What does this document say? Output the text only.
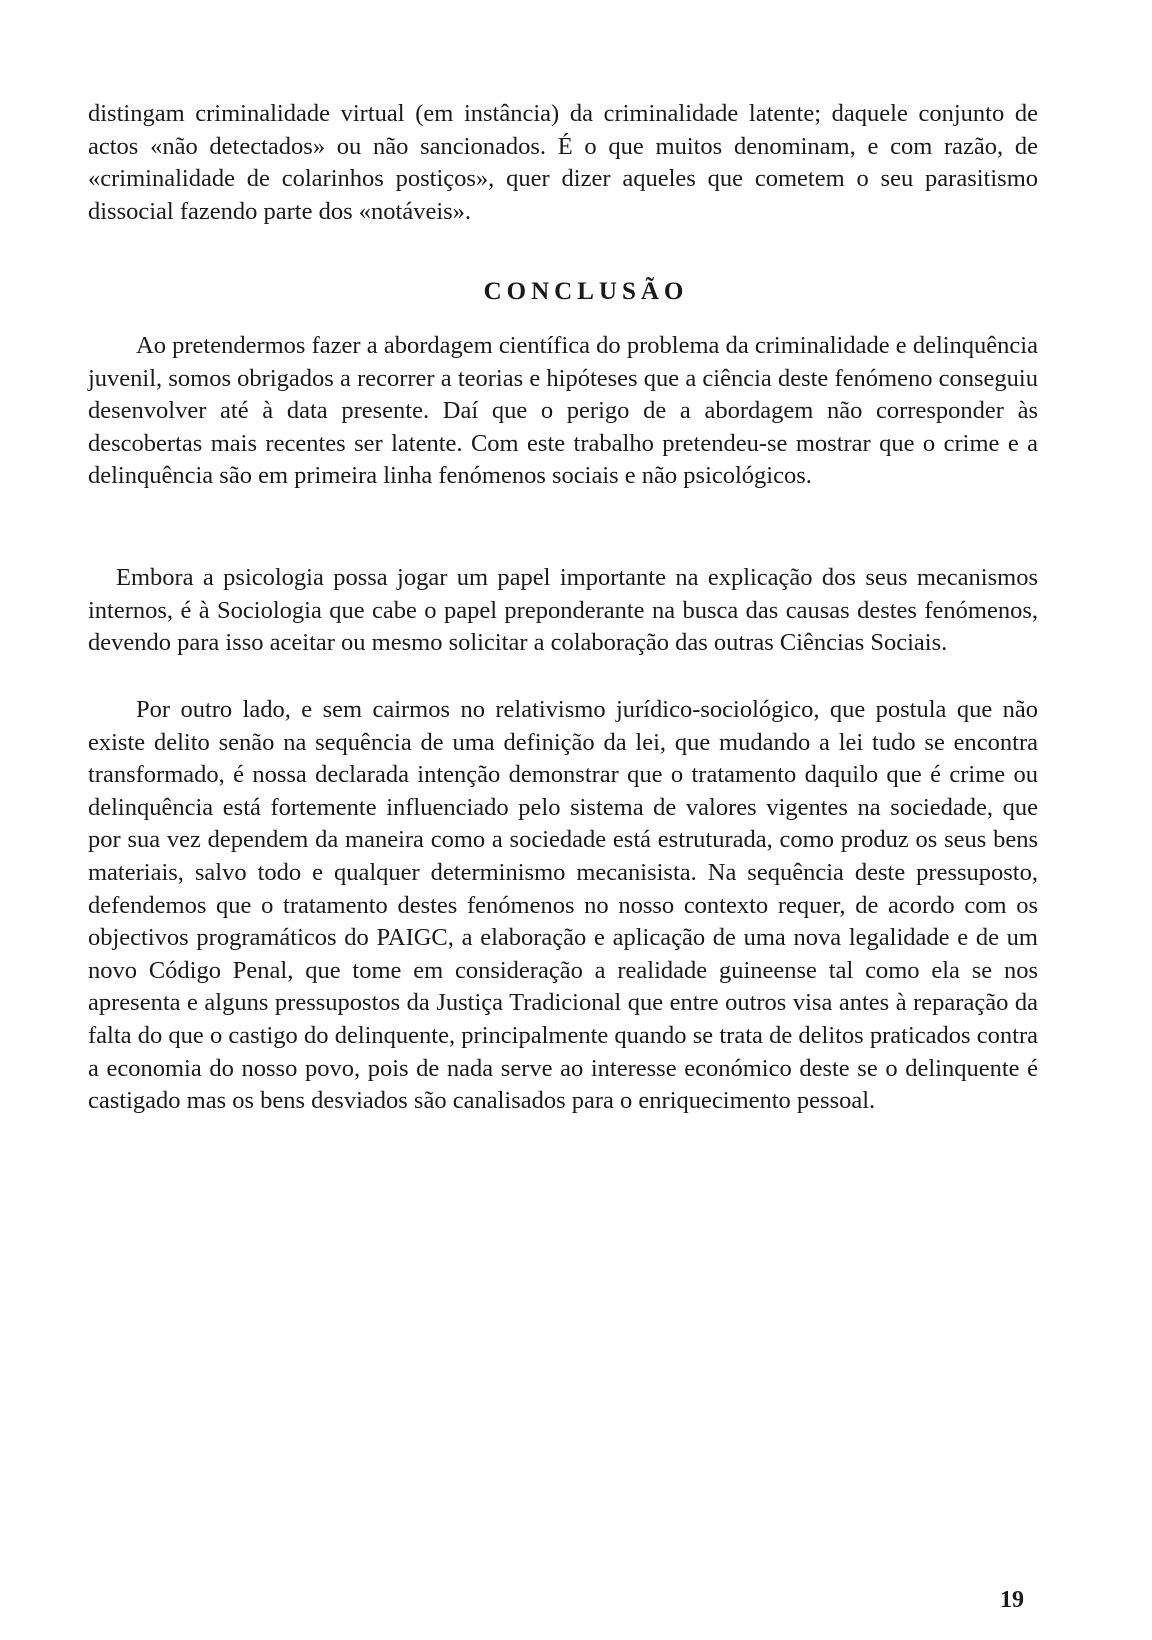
distingam criminalidade virtual (em instância) da criminalidade latente; daquele conjunto de actos «não detectados» ou não sancionados. É o que muitos denominam, e com razão, de «criminalidade de colarinhos postiços», quer dizer aqueles que cometem o seu parasitismo dissocial fazendo parte dos «notáveis».

CONCLUSÃO

Ao pretendermos fazer a abordagem científica do problema da criminalidade e delinquência juvenil, somos obrigados a recorrer a teorias e hipóteses que a ciência deste fenómeno conseguiu desenvolver até à data presente. Daí que o perigo de a abordagem não corresponder às descobertas mais recentes ser latente. Com este trabalho pretendeu-se mostrar que o crime e a delinquência são em primeira linha fenómenos sociais e não psicológicos.

Embora a psicologia possa jogar um papel importante na explicação dos seus mecanismos internos, é à Sociologia que cabe o papel preponderante na busca das causas destes fenómenos, devendo para isso aceitar ou mesmo solicitar a colaboração das outras Ciências Sociais.

Por outro lado, e sem cairmos no relativismo jurídico-sociológico, que postula que não existe delito senão na sequência de uma definição da lei, que mudando a lei tudo se encontra transformado, é nossa declarada intenção demonstrar que o tratamento daquilo que é crime ou delinquência está fortemente influenciado pelo sistema de valores vigentes na sociedade, que por sua vez dependem da maneira como a sociedade está estruturada, como produz os seus bens materiais, salvo todo e qualquer determinismo mecanisista. Na sequência deste pressuposto, defendemos que o tratamento destes fenómenos no nosso contexto requer, de acordo com os objectivos programáticos do PAIGC, a elaboração e aplicação de uma nova legalidade e de um novo Código Penal, que tome em consideração a realidade guineense tal como ela se nos apresenta e alguns pressupostos da Justiça Tradicional que entre outros visa antes à reparação da falta do que o castigo do delinquente, principalmente quando se trata de delitos praticados contra a economia do nosso povo, pois de nada serve ao interesse económico deste se o delinquente é castigado mas os bens desviados são canalisados para o enriquecimento pessoal.

19
